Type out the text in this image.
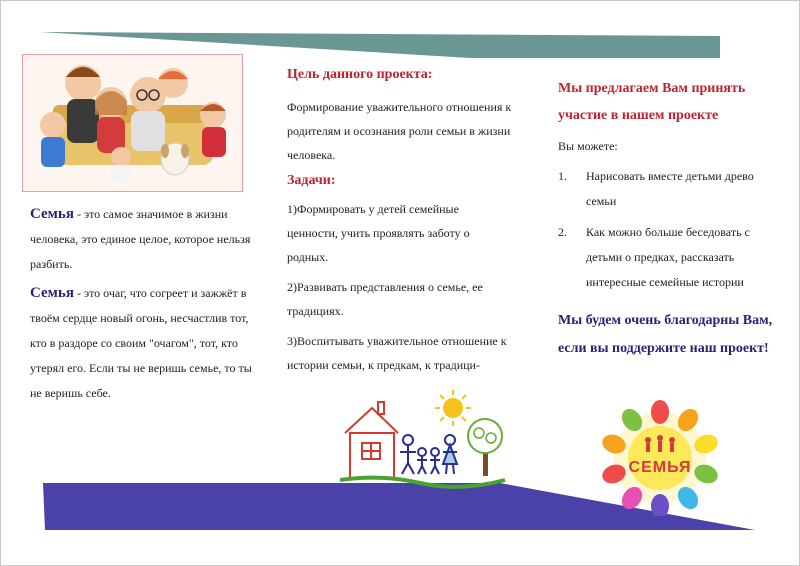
Семья - это самое значимое в жизни человека, это единое целое, которое нельзя разбить.

Семья - это очаг, что согреет и зажжёт в твоём сердце новый огонь, несчастлив тот, кто в раздоре со своим "очагом", тот, кто утерял его. Если ты не веришь семье, то ты не веришь себе.

Цель данного проекта:

Формирование уважительного отношения к родителям и осознания роли семьи в жизни человека.

Задачи:

1)Формировать у детей семейные ценности, учить проявлять заботу о родных.

2)Развивать представления о семье, ее традициях.

3)Воспитывать уважительное отношение к истории семьи, к предкам, к традици-

Мы предлагаем Вам принять участие в нашем проекте

Вы можете:

1.	Нарисовать вместе детьми древо семьи
2.	Как можно больше беседовать с детьми о предках, рассказать интересные семейные истории

Мы будем очень благодарны Вам, если вы поддержите наш проект!

СЕМЬЯ
